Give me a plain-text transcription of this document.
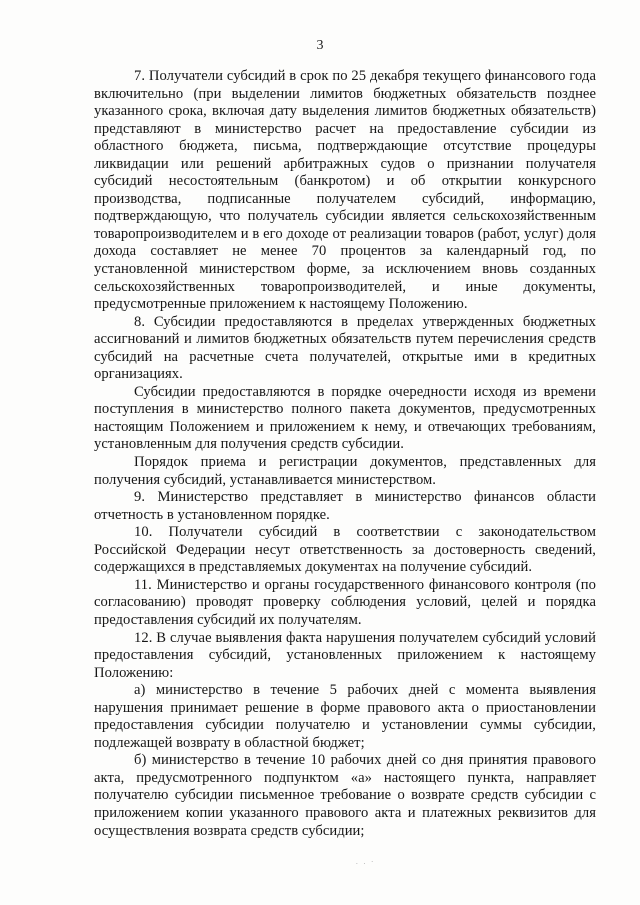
3

7. Получатели субсидий в срок по 25 декабря текущего финансового года включительно (при выделении лимитов бюджетных обязательств позднее указанного срока, включая дату выделения лимитов бюджетных обязательств) представляют в министерство расчет на предоставление субсидии из областного бюджета, письма, подтверждающие отсутствие процедуры ликвидации или решений арбитражных судов о признании получателя субсидий несостоятельным (банкротом) и об открытии конкурсного производства, подписанные получателем субсидий, информацию, подтверждающую, что получатель субсидии является сельскохозяйственным товаропроизводителем и в его доходе от реализации товаров (работ, услуг) доля дохода составляет не менее 70 процентов за календарный год, по установленной министерством форме, за исключением вновь созданных сельскохозяйственных товаропроизводителей, и иные документы, предусмотренные приложением к настоящему Положению.

8. Субсидии предоставляются в пределах утвержденных бюджетных ассигнований и лимитов бюджетных обязательств путем перечисления средств субсидий на расчетные счета получателей, открытые ими в кредитных организациях.

Субсидии предоставляются в порядке очередности исходя из времени поступления в министерство полного пакета документов, предусмотренных настоящим Положением и приложением к нему, и отвечающих требованиям, установленным для получения средств субсидии.

Порядок приема и регистрации документов, представленных для получения субсидий, устанавливается министерством.

9. Министерство представляет в министерство финансов области отчетность в установленном порядке.

10. Получатели субсидий в соответствии с законодательством Российской Федерации несут ответственность за достоверность сведений, содержащихся в представляемых документах на получение субсидий.

11. Министерство и органы государственного финансового контроля (по согласованию) проводят проверку соблюдения условий, целей и порядка предоставления субсидий их получателям.

12. В случае выявления факта нарушения получателем субсидий условий предоставления субсидий, установленных приложением к настоящему Положению:

а) министерство в течение 5 рабочих дней с момента выявления нарушения принимает решение в форме правового акта о приостановлении предоставления субсидии получателю и установлении суммы субсидии, подлежащей возврату в областной бюджет;

б) министерство в течение 10 рабочих дней со дня принятия правового акта, предусмотренного подпунктом «а» настоящего пункта, направляет получателю субсидии письменное требование о возврате средств субсидии с приложением копии указанного правового акта и платежных реквизитов для осуществления возврата средств субсидии;

. . ·
